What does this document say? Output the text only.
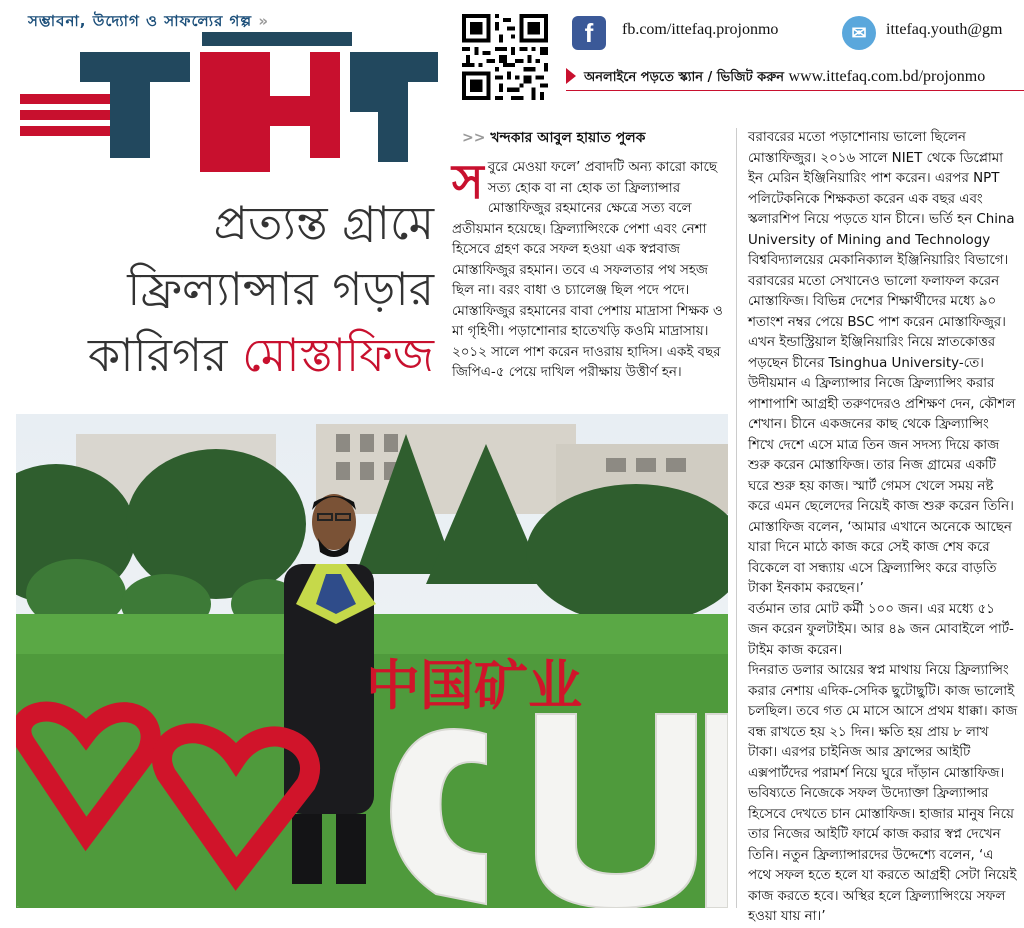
সম্ভাবনা, উদ্যোগ ও সাফল্যের গল্প »
প্রজন্ম
f	fb.com/ittefaq.projonmo	✉	ittefaq.youth@gm
অনলাইনে পড়তে স্ক্যান / ভিজিট করুন www.ittefaq.com.bd/projonmo
প্রত্যন্ত গ্রামে
ফ্রিল্যান্সার গড়ার
কারিগর মোস্তাফিজ
>> খন্দকার আবুল হায়াত পুলক
স বুরে মেওয়া ফলে’ প্রবাদটি অন্য কারো কাছে সত্য হোক বা না হোক তা ফ্রিল্যান্সার মোস্তাফিজুর রহমানের ক্ষেত্রে সত্য বলে প্রতীয়মান হয়েছে। ফ্রিল্যান্সিংকে পেশা এবং নেশা হিসেবে গ্রহণ করে সফল হওয়া এক স্বপ্নবাজ মোস্তাফিজুর রহমান। তবে এ সফলতার পথ সহজ ছিল না। বরং বাধা ও চ্যালেঞ্জ ছিল পদে পদে। মোস্তাফিজুর রহমানের বাবা পেশায় মাদ্রাসা শিক্ষক ও মা গৃহিণী। পড়াশোনার হাতেখড়ি কওমি মাদ্রাসায়। ২০১২ সালে পাশ করেন দাওরায় হাদিস। একই বছর জিপিএ-৫ পেয়ে দাখিল পরীক্ষায় উত্তীর্ণ হন।

বরাবরের মতো পড়াশোনায় ভালো ছিলেন মোস্তাফিজুর। ২০১৬ সালে NIET থেকে ডিপ্লোমা ইন মেরিন ইঞ্জিনিয়ারিং পাশ করেন। এরপর NPT পলিটেকনিকে শিক্ষকতা করেন এক বছর এবং স্কলারশিপ নিয়ে পড়তে যান চীনে। ভর্তি হন China University of Mining and Technology বিশ্ববিদ্যালয়ের মেকানিক্যাল ইঞ্জিনিয়ারিং বিভাগে। বরাবরের মতো সেখানেও ভালো ফলাফল করেন মোস্তাফিজ। বিভিন্ন দেশের শিক্ষার্থীদের মধ্যে ৯০ শতাংশ নম্বর পেয়ে BSC পাশ করেন মোস্তাফিজুর। এখন ইন্ডাস্ট্রিয়াল ইঞ্জিনিয়ারিং নিয়ে স্নাতকোত্তর পড়ছেন চীনের Tsinghua University-তে। উদীয়মান এ ফ্রিল্যান্সার নিজে ফ্রিল্যান্সিং করার পাশাপাশি আগ্রহী তরুণদেরও প্রশিক্ষণ দেন, কৌশল শেখান। চীনে একজনের কাছ থেকে ফ্রিল্যান্সিং শিখে দেশে এসে মাত্র তিন জন সদস্য দিয়ে কাজ শুরু করেন মোস্তাফিজ। তার নিজ গ্রামের একটি ঘরে শুরু হয় কাজ। স্মার্ট গেমস খেলে সময় নষ্ট করে এমন ছেলেদের নিয়েই কাজ শুরু করেন তিনি।

মোস্তাফিজ বলেন, ‘আমার এখানে অনেকে আছেন যারা দিনে মাঠে কাজ করে সেই কাজ শেষ করে বিকেলে বা সন্ধ্যায় এসে ফ্রিল্যান্সিং করে বাড়তি টাকা ইনকাম করছেন।’

বর্তমান তার মোট কর্মী ১০০ জন। এর মধ্যে ৫১ জন করেন ফুলটাইম। আর ৪৯ জন মোবাইলে পার্ট-টাইম কাজ করেন।

দিনরাত ডলার আয়ের স্বপ্ন মাথায় নিয়ে ফ্রিল্যান্সিং করার নেশায় এদিক-সেদিক ছুটোছুটি। কাজ ভালোই চলছিল। তবে গত মে মাসে আসে প্রথম ধাক্কা। কাজ বন্ধ রাখতে হয় ২১ দিন। ক্ষতি হয় প্রায় ৮ লাখ টাকা। এরপর চাইনিজ আর ফ্রান্সের আইটি এক্সপার্টদের পরামর্শ নিয়ে ঘুরে দাঁড়ান মোস্তাফিজ। ভবিষ্যতে নিজেকে সফল উদ্যোক্তা ফ্রিল্যান্সার হিসেবে দেখতে চান মোস্তাফিজ। হাজার মানুষ নিয়ে তার নিজের আইটি ফার্মে কাজ করার স্বপ্ন দেখেন তিনি। নতুন ফ্রিল্যান্সারদের উদ্দেশ্যে বলেন, ‘এ পথে সফল হতে হলে যা করতে আগ্রহী সেটা নিয়েই কাজ করতে হবে। অস্থির হলে ফ্রিল্যান্সিংয়ে সফল হওয়া যায় না।’

中国矿业
CU
